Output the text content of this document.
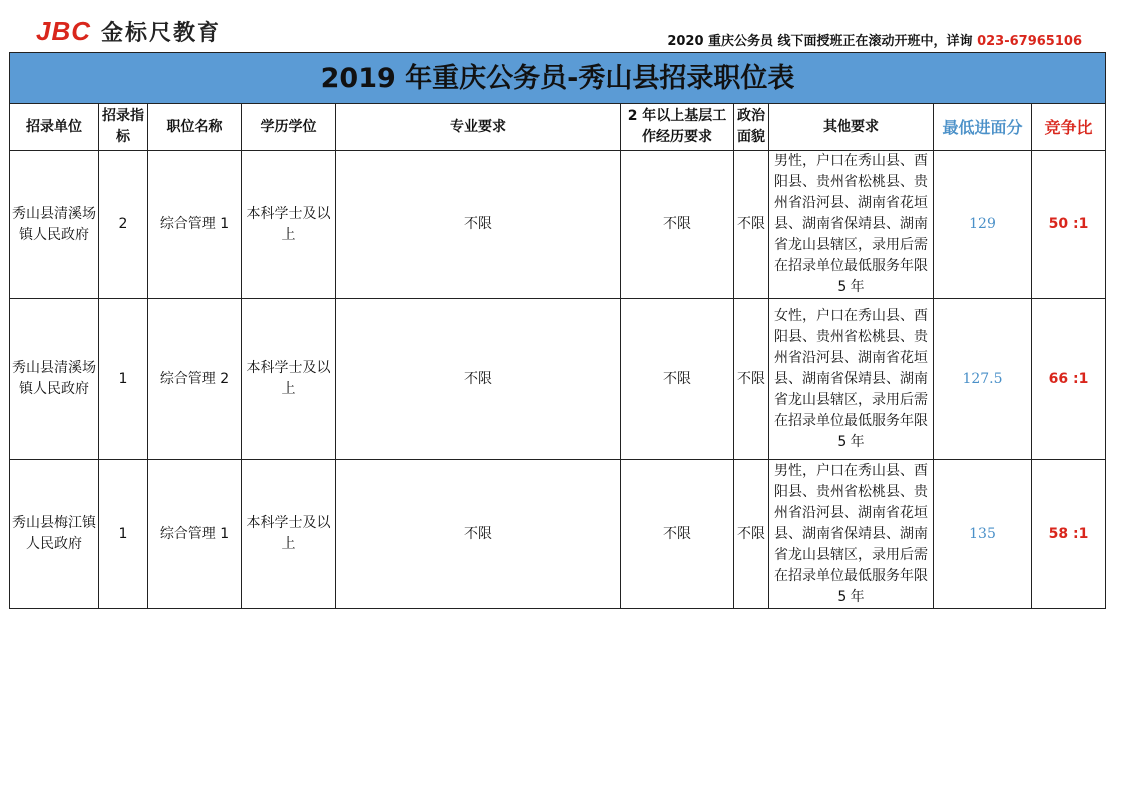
JBC 金标尺教育	2020 重庆公务员 线下面授班正在滚动开班中，详询 023-67965106
2019 年重庆公务员-秀山县招录职位表									
招录单位	招录指标	职位名称	学历学位	专业要求	2 年以上基层工作经历要求	政治面貌	其他要求	最低进面分	竞争比
秀山县清溪场镇人民政府	2	综合管理 1	本科学士及以上	不限	不限	不限	男性，户口在秀山县、酉阳县、贵州省松桃县、贵州省沿河县、湖南省花垣县、湖南省保靖县、湖南省龙山县辖区，录用后需在招录单位最低服务年限 5 年	129	50 :1
秀山县清溪场镇人民政府	1	综合管理 2	本科学士及以上	不限	不限	不限	女性，户口在秀山县、酉阳县、贵州省松桃县、贵州省沿河县、湖南省花垣县、湖南省保靖县、湖南省龙山县辖区，录用后需在招录单位最低服务年限 5 年	127.5	66 :1
秀山县梅江镇人民政府	1	综合管理 1	本科学士及以上	不限	不限	不限	男性，户口在秀山县、酉阳县、贵州省松桃县、贵州省沿河县、湖南省花垣县、湖南省保靖县、湖南省龙山县辖区，录用后需在招录单位最低服务年限 5 年	135	58 :1
